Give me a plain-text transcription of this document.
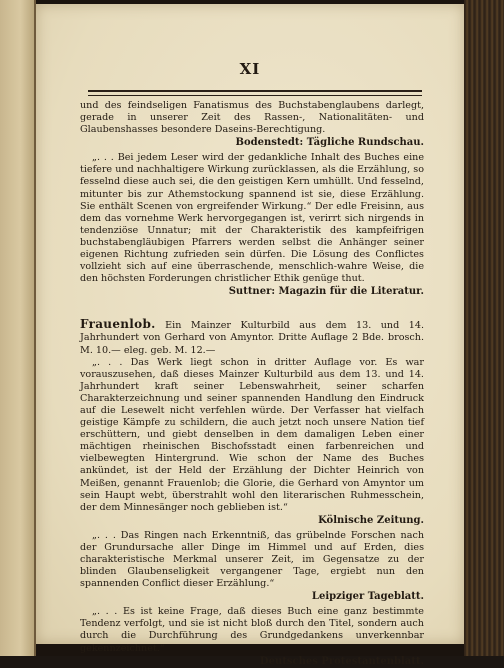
XI

und des feindseligen Fanatismus des Buchstabenglaubens darlegt, gerade in unserer Zeit des Rassen-, Nationalitäten- und Glaubenshasses besondere Daseins-Berechtigung.

Bodenstedt: Tägliche Rundschau.

„. . . Bei jedem Leser wird der gedankliche Inhalt des Buches eine tiefere und nachhaltigere Wirkung zurücklassen, als die Erzählung, so fesselnd diese auch sei, die den geistigen Kern umhüllt. Und fesselnd, mitunter bis zur Athemstockung spannend ist sie, diese Erzählung. Sie enthält Scenen von ergreifender Wirkung.“ Der edle Freisinn, aus dem das vornehme Werk hervorgegangen ist, verirrt sich nirgends in tendenziöse Unnatur; mit der Charakteristik des kampfeifrigen buchstabengläubigen Pfarrers werden selbst die Anhänger seiner eigenen Richtung zufrieden sein dürfen. Die Lösung des Conflictes vollzieht sich auf eine überraschende, menschlich-wahre Weise, die den höchsten Forderungen christlicher Ethik genüge thut.

Suttner: Magazin für die Literatur.

Frauenlob. Ein Mainzer Kulturbild aus dem 13. und 14. Jahrhundert von Gerhard von Amyntor. Dritte Auflage 2 Bde. brosch. M. 10.— eleg. geb. M. 12.—

„. . . Das Werk liegt schon in dritter Auflage vor. Es war vorauszusehen, daß dieses Mainzer Kulturbild aus dem 13. und 14. Jahrhundert kraft seiner Lebenswahrheit, seiner scharfen Charakterzeichnung und seiner spannenden Handlung den Eindruck auf die Lesewelt nicht verfehlen würde. Der Verfasser hat vielfach geistige Kämpfe zu schildern, die auch jetzt noch unsere Nation tief erschüttern, und giebt denselben in dem damaligen Leben einer mächtigen rheinischen Bischofsstadt einen farbenreichen und vielbewegten Hintergrund. Wie schon der Name des Buches ankündet, ist der Held der Erzählung der Dichter Heinrich von Meißen, genannt Frauenlob; die Glorie, die Gerhard von Amyntor um sein Haupt webt, überstrahlt wohl den literarischen Ruhmesschein, der dem Minnesänger noch geblieben ist.“

Kölnische Zeitung.

„. . . Das Ringen nach Erkenntniß, das grübelnde Forschen nach der Grundursache aller Dinge im Himmel und auf Erden, dies charakteristische Merkmal unserer Zeit, im Gegensatze zu der blinden Glaubenseligkeit vergangener Tage, ergiebt nun den spannenden Conflict dieser Erzählung.“

Leipziger Tageblatt.

„. . . Es ist keine Frage, daß dieses Buch eine ganz bestimmte Tendenz verfolgt, und sie ist nicht bloß durch den Titel, sondern auch durch die Durchführung des Grundgedankens unverkennbar gekennzeichnet.“

Deutsches Protestantenblatt.
